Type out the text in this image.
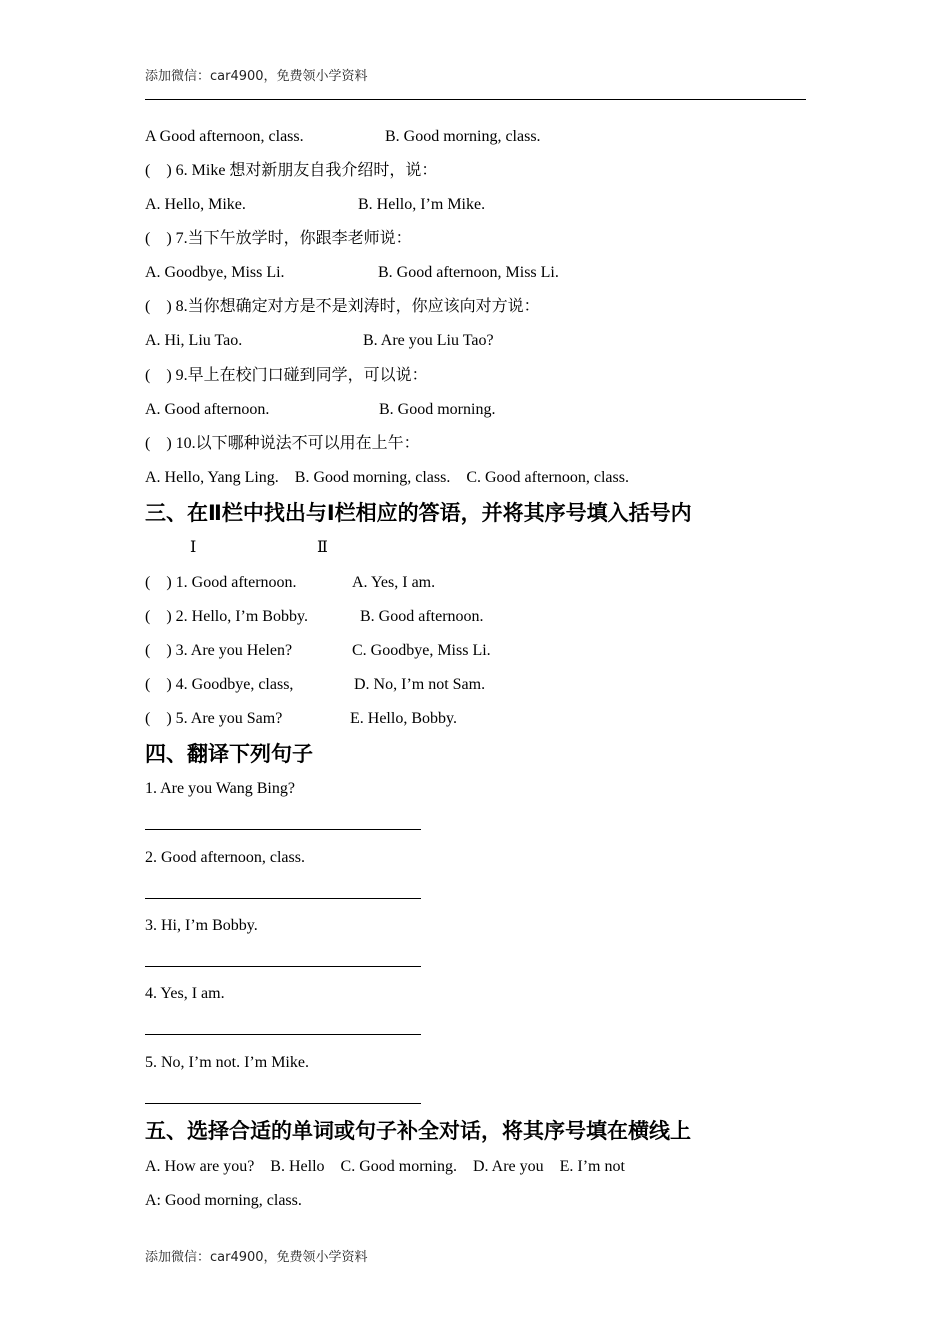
添加微信：car4900，免费领小学资料

A Good afternoon, class.

	B. Good morning, class.

(    ) 6. Mike 想对新朋友自我介绍时，说：

A. Hello, Mike.

	B. Hello, I’m Mike.

(    ) 7.当下午放学时，你跟李老师说：

A. Goodbye, Miss Li.

	B. Good afternoon, Miss Li.

(    ) 8.当你想确定对方是不是刘涛时，你应该向对方说：

A. Hi, Liu Tao.

	B. Are you Liu Tao?

(    ) 9.早上在校门口碰到同学，可以说：

A. Good afternoon.

	B. Good morning.

(    ) 10.以下哪种说法不可以用在上午：
A. Hello, Yang Ling.    B. Good morning, class.    C. Good afternoon, class.
三、在Ⅱ栏中找出与Ⅰ栏相应的答语，并将其序号填入括号内

Ⅰ

	Ⅱ

(    ) 1. Good afternoon.

	A. Yes, I am.

(    ) 2. Hello, I’m Bobby.

	B. Good afternoon.

(    ) 3. Are you Helen?

	C. Goodbye, Miss Li.

(    ) 4. Goodbye, class,

	D. No, I’m not Sam.

(    ) 5. Are you Sam?

	E. Hello, Bobby.

四、翻译下列句子
1. Are you Wang Bing?
2. Good afternoon, class.
3. Hi, I’m Bobby.
4. Yes, I am.
5. No, I’m not. I’m Mike.
五、选择合适的单词或句子补全对话，将其序号填在横线上
A. How are you?    B. Hello    C. Good morning.    D. Are you    E. I’m not
A: Good morning, class.
添加微信：car4900，免费领小学资料
